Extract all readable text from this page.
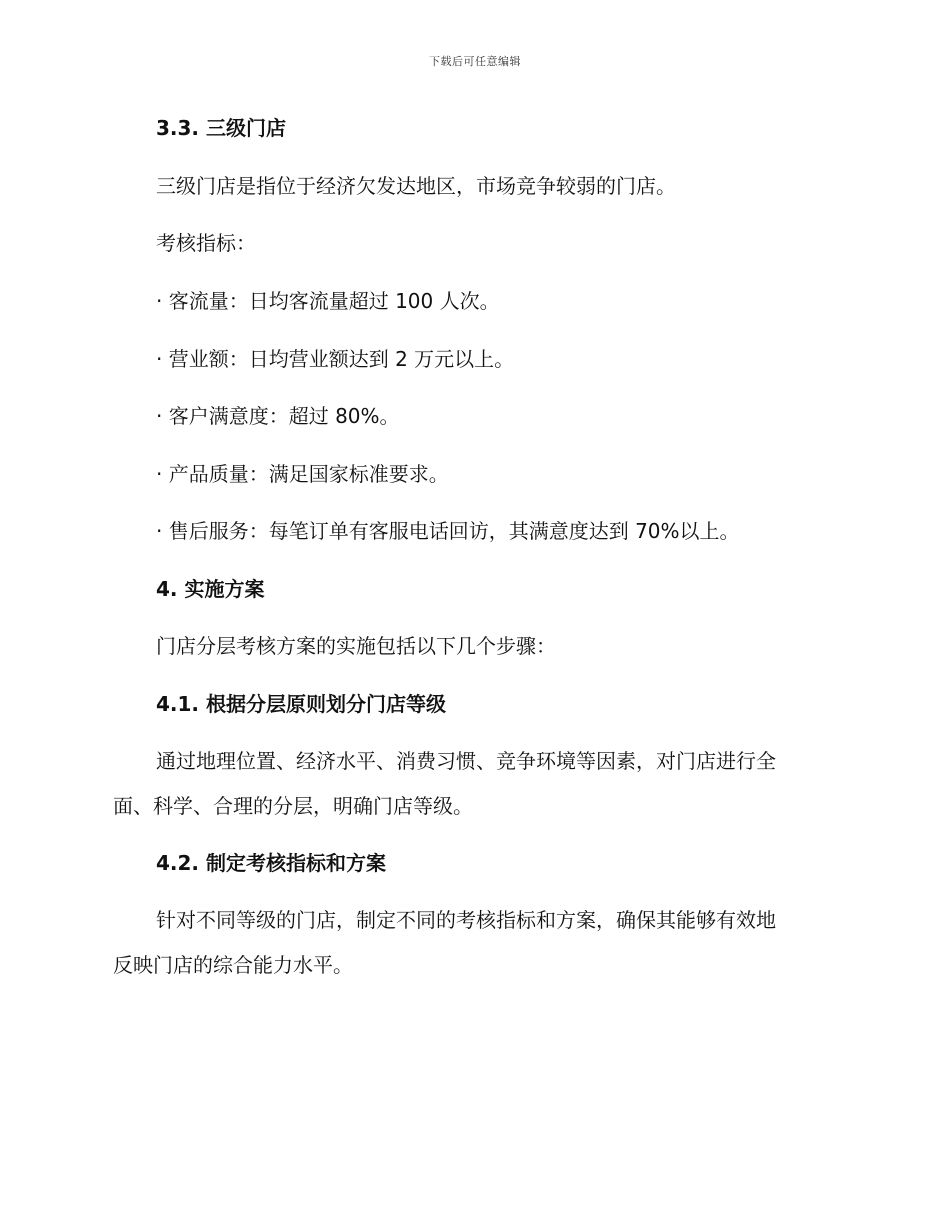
下载后可任意编辑
3.3. 三级门店
三级门店是指位于经济欠发达地区，市场竞争较弱的门店。
考核指标：
· 客流量：日均客流量超过 100 人次。
· 营业额：日均营业额达到 2 万元以上。
· 客户满意度：超过 80%。
· 产品质量：满足国家标准要求。
· 售后服务：每笔订单有客服电话回访，其满意度达到 70%以上。
4. 实施方案
门店分层考核方案的实施包括以下几个步骤：
4.1. 根据分层原则划分门店等级
通过地理位置、经济水平、消费习惯、竞争环境等因素，对门店进行全
面、科学、合理的分层，明确门店等级。
4.2. 制定考核指标和方案
针对不同等级的门店，制定不同的考核指标和方案，确保其能够有效地
反映门店的综合能力水平。
